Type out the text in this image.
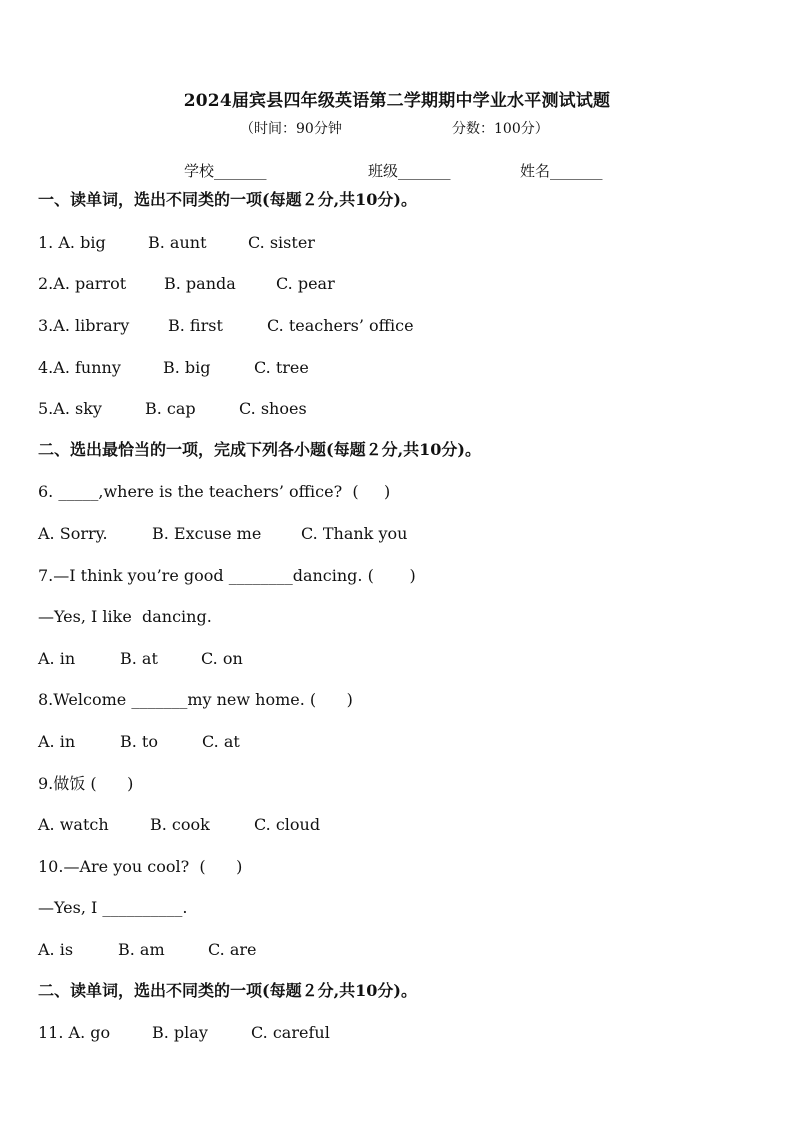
2024届宾县四年级英语第二学期期中学业水平测试试题
（时间：90分钟	分数：100分）
学校_______	班级_______	姓名_______
一、读单词，选出不同类的一项(每题２分,共10分)。
1. A. big	B. aunt	C. sister
2.A. parrot B. panda	C. pear
3.A. library B. first	C. teachers’ office
4.A. funny	B. big	C. tree
5.A. sky	B. cap	C. shoes
二、选出最恰当的一项，完成下列各小题(每题２分,共10分)。
6. _____,where is the teachers’ office?  (     )
A. Sorry.	B. Excuse me C. Thank you
7.—I think you’re good ________dancing. (       )
—Yes, I like  dancing.
A. in	B. at	C. on
8.Welcome _______my new home. (      )
A. in	B. to	C. at
9.做饭 (      )
A. watch	B. cook	C. cloud
10.—Are you cool?  (      )
—Yes, I __________.
A. is	B. am	C. are
二、读单词，选出不同类的一项(每题２分,共10分)。
11. A. go	B. play	C. careful
